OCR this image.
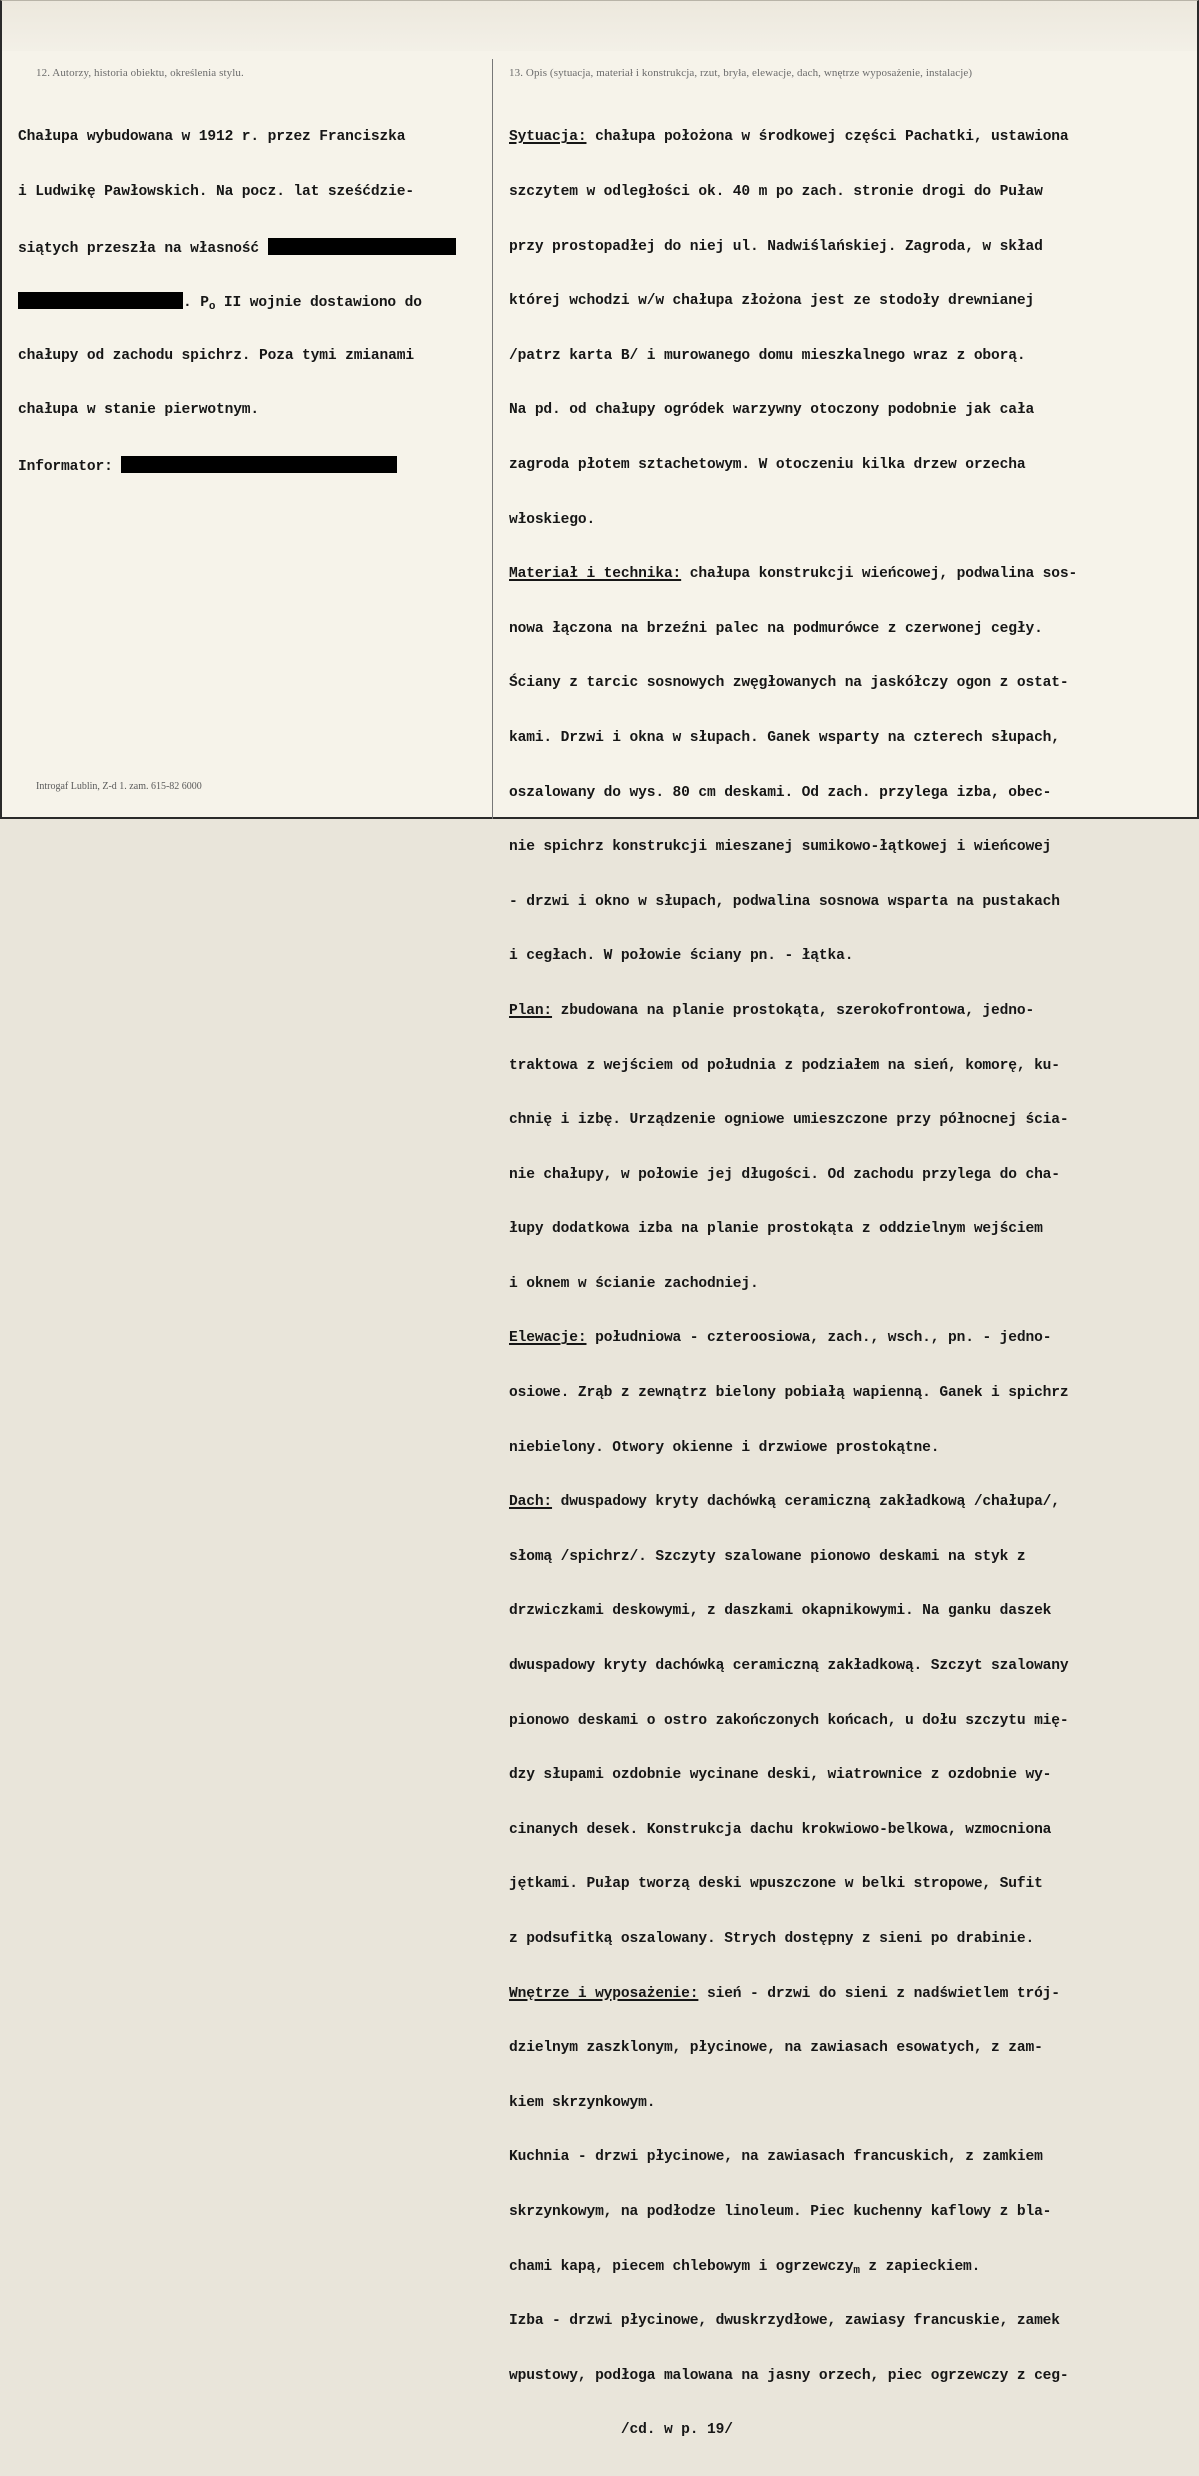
12. Autorzy, historia obiektu, określenia stylu.	13. Opis (sytuacja, materiał i konstrukcja, rzut, bryła, elewacje, dach, wnętrze wyposażenie, instalacje)

Chałupa wybudowana w 1912 r. przez Franciszka

i Ludwikę Pawłowskich. Na pocz. lat sześćdzie-

siątych przeszła na własność

. $P_o$ II wojnie dostawiono do

chałupy od zachodu spichrz. Poza tymi zmianami

chałupa w stanie pierwotnym.

Informator:

Sytuacja: chałupa położona w środkowej części Pachatki, ustawiona

szczytem w odległości ok. 40 m po zach. stronie drogi do Puław

przy prostopadłej do niej ul. Nadwiślańskiej. Zagroda, w skład

której wchodzi w/w chałupa złożona jest ze stodoły drewnianej

/patrz karta B/ i murowanego domu mieszkalnego wraz z oborą.

Na pd. od chałupy ogródek warzywny otoczony podobnie jak cała

zagroda płotem sztachetowym. W otoczeniu kilka drzew orzecha

włoskiego.

Materiał i technika: chałupa konstrukcji wieńcowej, podwalina sos-

nowa łączona na brzeźni palec na podmurówce z czerwonej cegły.

Ściany z tarcic sosnowych zwęgłowanych na jaskółczy ogon z ostat-

kami. Drzwi i okna w słupach. Ganek wsparty na czterech słupach,

oszalowany do wys. 80 cm deskami. Od zach. przylega izba, obec-

nie spichrz konstrukcji mieszanej sumikowo-łątkowej i wieńcowej

- drzwi i okno w słupach, podwalina sosnowa wsparta na pustakach

i cegłach. W połowie ściany pn. - łątka.

Plan: zbudowana na planie prostokąta, szerokofrontowa, jedno-

traktowa z wejściem od południa z podziałem na sień, komorę, ku-

chnię i izbę. Urządzenie ogniowe umieszczone przy północnej ścia-

nie chałupy, w połowie jej długości. Od zachodu przylega do cha-

łupy dodatkowa izba na planie prostokąta z oddzielnym wejściem

i oknem w ścianie zachodniej.

Elewacje: południowa - czteroosiowa, zach., wsch., pn. - jedno-

osiowe. Zrąb z zewnątrz bielony pobiałą wapienną. Ganek i spichrz

niebielony. Otwory okienne i drzwiowe prostokątne.

Dach: dwuspadowy kryty dachówką ceramiczną zakładkową /chałupa/,

słomą /spichrz/. Szczyty szalowane pionowo deskami na styk z

drzwiczkami deskowymi, z daszkami okapnikowymi. Na ganku daszek

dwuspadowy kryty dachówką ceramiczną zakładkową. Szczyt szalowany

pionowo deskami o ostro zakończonych końcach, u dołu szczytu mię-

dzy słupami ozdobnie wycinane deski, wiatrownice z ozdobnie wy-

cinanych desek. Konstrukcja dachu krokwiowo-belkowa, wzmocniona

jętkami. Pułap tworzą deski wpuszczone w belki stropowe, Sufit

z podsufitką oszalowany. Strych dostępny z sieni po drabinie.

Wnętrze i wyposażenie: sień - drzwi do sieni z nadświetlem trój-

dzielnym zaszklonym, płycinowe, na zawiasach esowatych, z zam-

kiem skrzynkowym.

Kuchnia - drzwi płycinowe, na zawiasach francuskich, z zamkiem

skrzynkowym, na podłodze linoleum. Piec kuchenny kaflowy z bla-

chami kapą, piecem chlebowym i ogrzewczy$_m$ z zapieckiem.

Izba - drzwi płycinowe, dwuskrzydłowe, zawiasy francuskie, zamek

wpustowy, podłoga malowana na jasny orzech, piec ogrzewczy z ceg-

/cd. w p. 19/

Introgaf Lublin, Z-d 1. zam. 615-82 6000
